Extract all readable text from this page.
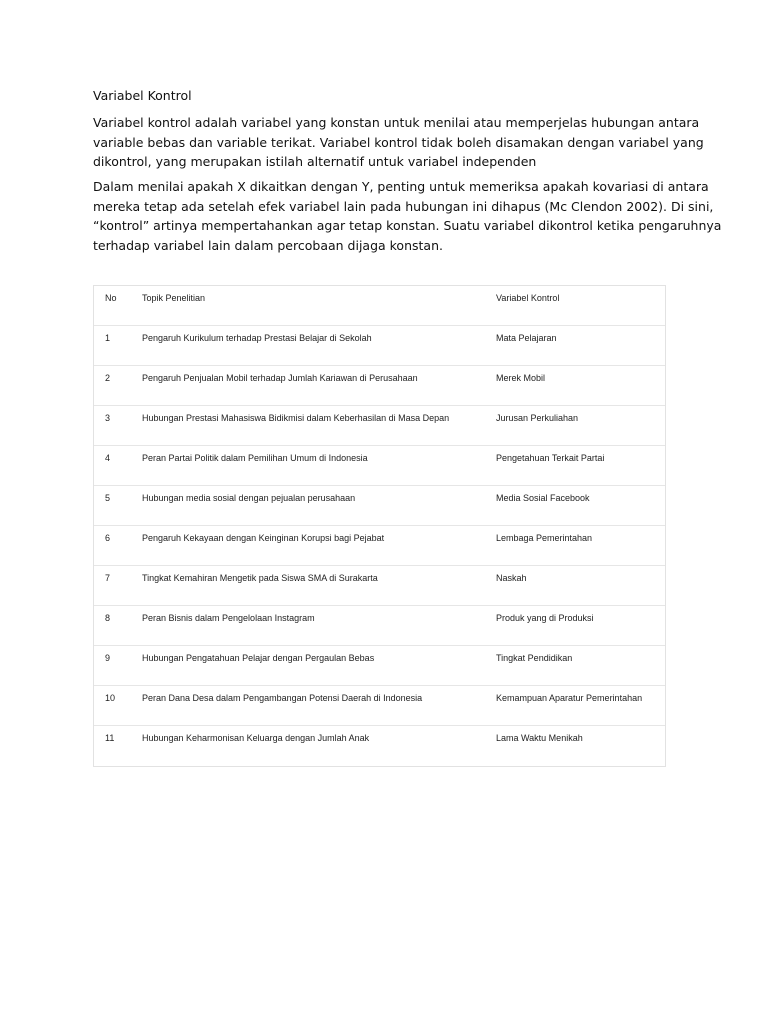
Variabel Kontrol

Variabel kontrol adalah variabel yang konstan untuk menilai atau memperjelas hubungan antara
variable bebas dan variable terikat. Variabel kontrol tidak boleh disamakan dengan variabel yang
dikontrol, yang merupakan istilah alternatif untuk variabel independen

Dalam menilai apakah X dikaitkan dengan Y, penting untuk memeriksa apakah kovariasi di antara
mereka tetap ada setelah efek variabel lain pada hubungan ini dihapus (Mc Clendon 2002). Di sini,
“kontrol” artinya mempertahankan agar tetap konstan. Suatu variabel dikontrol ketika pengaruhnya
terhadap variabel lain dalam percobaan dijaga konstan.

No	Topik Penelitian	Variabel Kontrol
1	Pengaruh Kurikulum terhadap Prestasi Belajar di Sekolah	Mata Pelajaran
2	Pengaruh Penjualan Mobil terhadap Jumlah Kariawan di Perusahaan	Merek Mobil
3	Hubungan Prestasi Mahasiswa Bidikmisi dalam Keberhasilan di Masa Depan	Jurusan Perkuliahan
4	Peran Partai Politik dalam Pemilihan Umum di Indonesia	Pengetahuan Terkait Partai
5	Hubungan media sosial dengan pejualan perusahaan	Media Sosial Facebook
6	Pengaruh Kekayaan dengan Keinginan Korupsi bagi Pejabat	Lembaga Pemerintahan
7	Tingkat Kemahiran Mengetik pada Siswa SMA di Surakarta	Naskah
8	Peran Bisnis dalam Pengelolaan Instagram	Produk yang di Produksi
9	Hubungan Pengatahuan Pelajar dengan Pergaulan Bebas	Tingkat Pendidikan
10	Peran Dana Desa dalam Pengambangan Potensi Daerah di Indonesia	Kemampuan Aparatur Pemerintahan
11	Hubungan Keharmonisan Keluarga dengan Jumlah Anak	Lama Waktu Menikah
